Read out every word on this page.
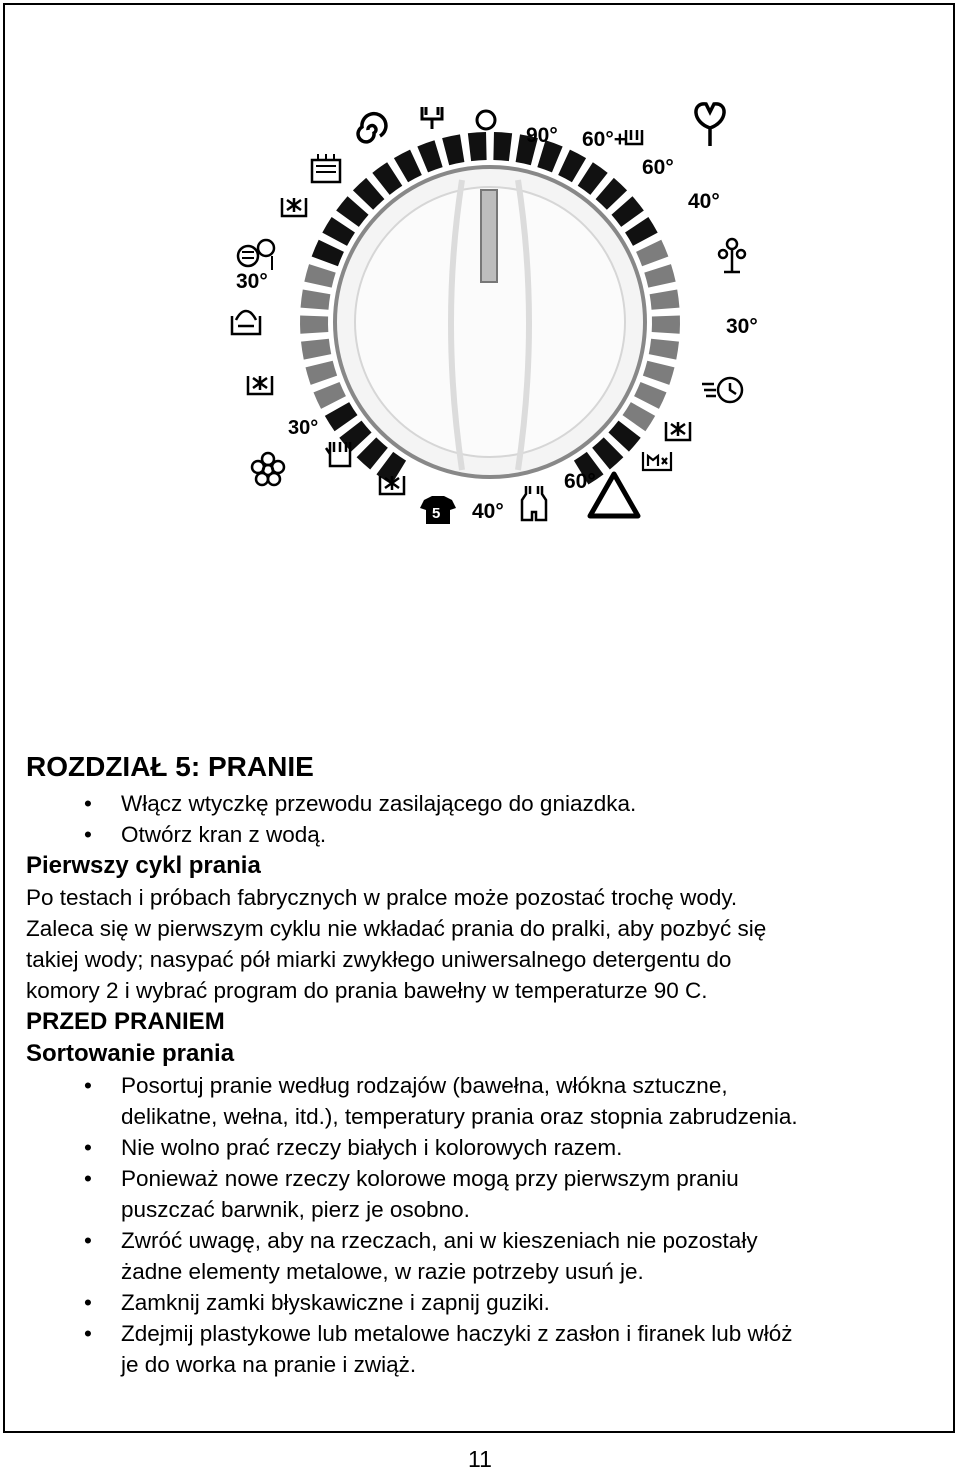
90° 60°+
60°
40°
30°
30°
30°
5 40°
60°
ROZDZIAŁ 5: PRANIE
• Włącz wtyczkę przewodu zasilającego do gniazdka.
• Otwórz kran z wodą.
Pierwszy cykl prania

Po testach i próbach fabrycznych w pralce może pozostać trochę wody.
Zaleca się w pierwszym cyklu nie wkładać prania do pralki, aby pozbyć się
takiej wody; nasypać pół miarki zwykłego uniwersalnego detergentu do
komory 2 i wybrać program do prania bawełny w temperaturze 90 C.

PRZED PRANIEM
Sortowanie prania
• Posortuj pranie według rodzajów (bawełna, włókna sztuczne,
delikatne, wełna, itd.), temperatury prania oraz stopnia zabrudzenia.
• Nie wolno prać rzeczy białych i kolorowych razem.
• Ponieważ nowe rzeczy kolorowe mogą przy pierwszym praniu
puszczać barwnik, pierz je osobno.
• Zwróć uwagę, aby na rzeczach, ani w kieszeniach nie pozostały
żadne elementy metalowe, w razie potrzeby usuń je.
• Zamknij zamki błyskawiczne i zapnij guziki.
• Zdejmij plastykowe lub metalowe haczyki z zasłon i firanek lub włóż
je do worka na pranie i zwiąż.
11
